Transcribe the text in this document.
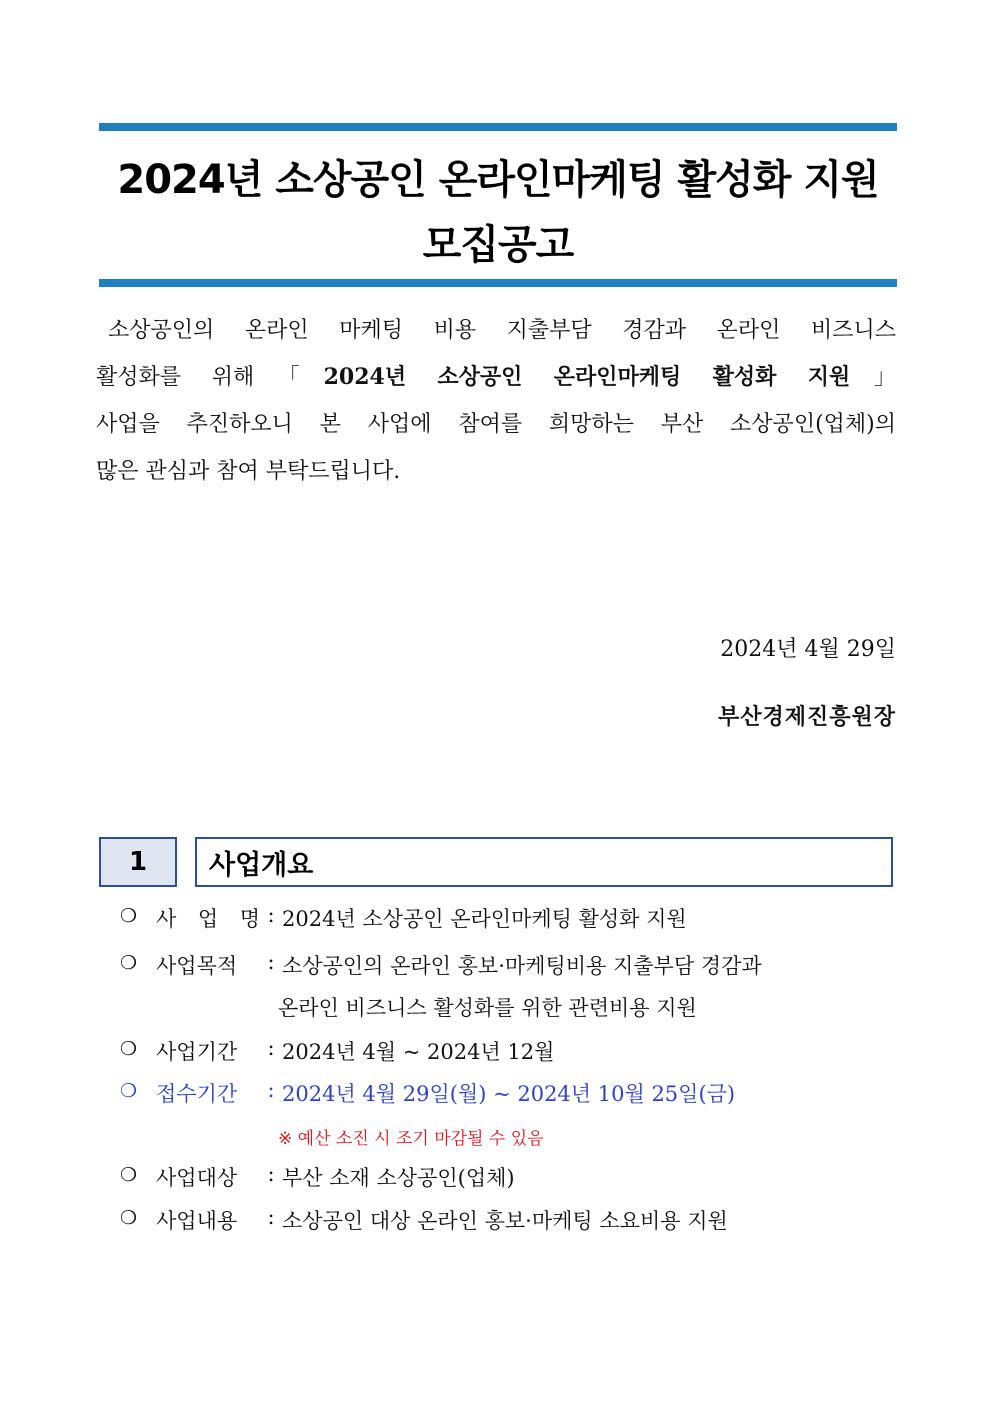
2024년 소상공인 온라인마케팅 활성화 지원
모집공고
소상공인의 온라인 마케팅 비용 지출부담 경감과 온라인 비즈니스
활성화를 위해「2024년 소상공인 온라인마케팅 활성화 지원」
사업을 추진하오니 본 사업에 참여를 희망하는 부산 소상공인(업체)의
많은 관심과 참여 부탁드립니다.
2024년 4월 29일
부산경제진흥원장
1	사업개요
❍ 사 업 명 : 2024년 소상공인 온라인마케팅 활성화 지원
❍ 사업목적	: 소상공인의 온라인 홍보·마케팅비용 지출부담 경감과
온라인 비즈니스 활성화를 위한 관련비용 지원
❍ 사업기간	: 2024년 4월 ~ 2024년 12월
❍ 접수기간	: 2024년 4월 29일(월) ~ 2024년 10월 25일(금)
※ 예산 소진 시 조기 마감될 수 있음
❍ 사업대상	: 부산 소재 소상공인(업체)
❍ 사업내용	: 소상공인 대상 온라인 홍보·마케팅 소요비용 지원
